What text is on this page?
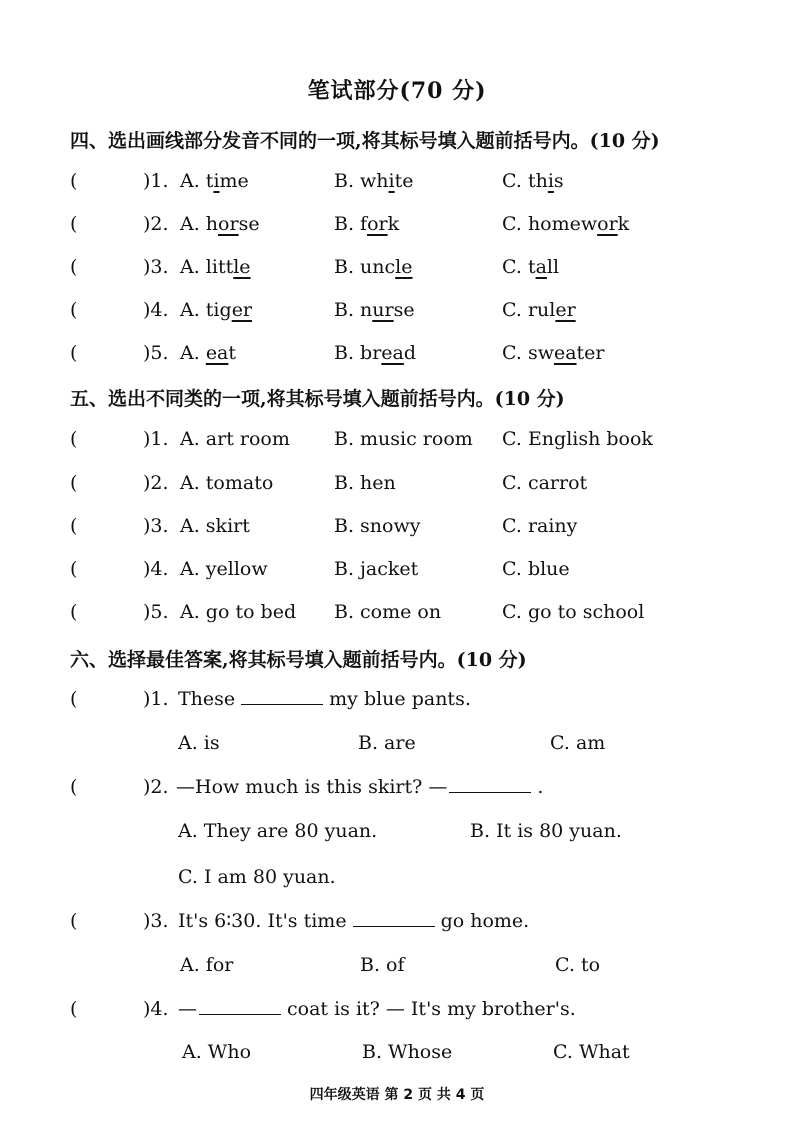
笔试部分(70 分)
四、选出画线部分发音不同的一项,将其标号填入题前括号内。(10 分)
(	)1. A. time	B. white	C. this
(	)2. A. horse	B. fork	C. homework
(	)3. A. little	B. uncle	C. tall
(	)4. A. tiger	B. nurse	C. ruler
(	)5. A. eat	B. bread	C. sweater
五、选出不同类的一项,将其标号填入题前括号内。(10 分)
(	)1. A. art room B. music room C. English book
(	)2. A. tomato	B. hen	C. carrot
(	)3. A. skirt	B. snowy	C. rainy
(	)4. A. yellow	B. jacket	C. blue
(	)5. A. go to bed B. come on	C. go to school
六、选择最佳答案,将其标号填入题前括号内。(10 分)
(	)1. These	my blue pants.
A. is	B. are	C. am
(	)2. —How much is this skirt? —	.
A. They are 80 yuan.	B. It is 80 yuan.
C. I am 80 yuan.
(	)3. It's 6∶30. It's time	go home.
A. for	B. of	C. to
(	)4. —	coat is it? — It's my brother's.
A. Who	B. Whose	C. What
四年级英语 第 2 页 共 4 页
